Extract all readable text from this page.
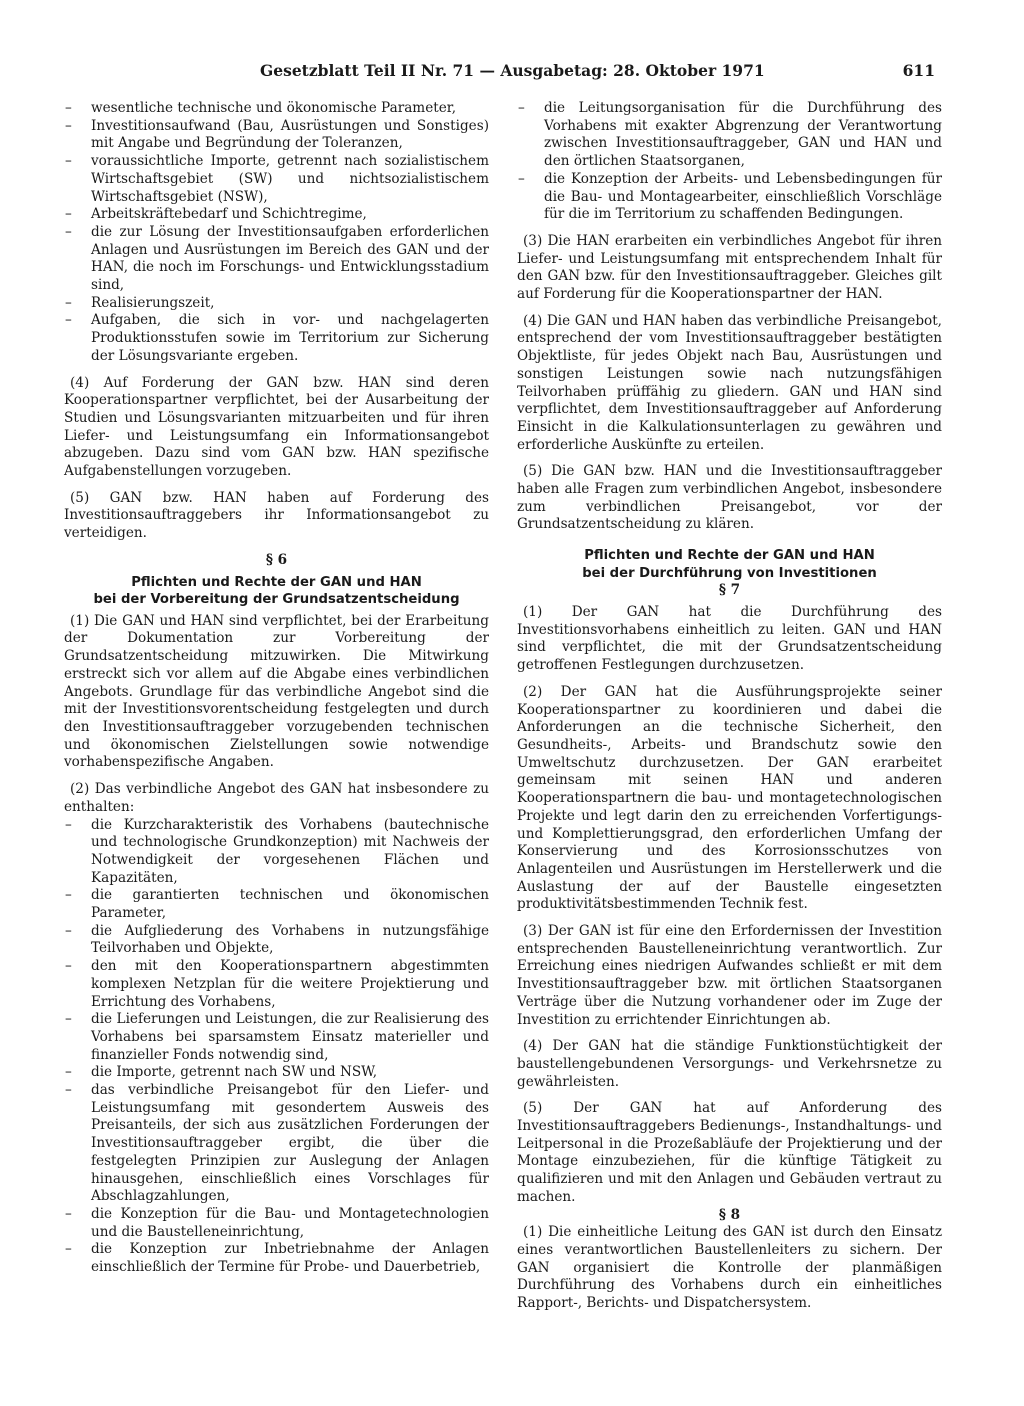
Gesetzblatt Teil II Nr. 71 — Ausgabetag: 28. Oktober 1971	611
– wesentliche technische und ökonomische Parameter,
– Investitionsaufwand (Bau, Ausrüstungen und Sonstiges) mit Angabe und Begründung der Toleranzen,
– voraussichtliche Importe, getrennt nach sozialistischem Wirtschaftsgebiet (SW) und nichtsozialistischem Wirtschaftsgebiet (NSW),
– Arbeitskräftebedarf und Schichtregime,
– die zur Lösung der Investitionsaufgaben erforderlichen Anlagen und Ausrüstungen im Bereich des GAN und der HAN, die noch im Forschungs- und Entwicklungsstadium sind,
– Realisierungszeit,
– Aufgaben, die sich in vor- und nachgelagerten Produktionsstufen sowie im Territorium zur Sicherung der Lösungsvariante ergeben.

(4) Auf Forderung der GAN bzw. HAN sind deren Kooperationspartner verpflichtet, bei der Ausarbeitung der Studien und Lösungsvarianten mitzuarbeiten und für ihren Liefer- und Leistungsumfang ein Informationsangebot abzugeben. Dazu sind vom GAN bzw. HAN spezifische Aufgabenstellungen vorzugeben.

(5) GAN bzw. HAN haben auf Forderung des Investitionsauftraggebers ihr Informationsangebot zu verteidigen.

§ 6

Pflichten und Rechte der GAN und HAN

bei der Vorbereitung der Grundsatzentscheidung

(1) Die GAN und HAN sind verpflichtet, bei der Erarbeitung der Dokumentation zur Vorbereitung der Grundsatzentscheidung mitzuwirken. Die Mitwirkung erstreckt sich vor allem auf die Abgabe eines verbindlichen Angebots. Grundlage für das verbindliche Angebot sind die mit der Investitionsvorentscheidung festgelegten und durch den Investitionsauftraggeber vorzugebenden technischen und ökonomischen Zielstellungen sowie notwendige vorhabenspezifische Angaben.

(2) Das verbindliche Angebot des GAN hat insbesondere zu enthalten:

– die Kurzcharakteristik des Vorhabens (bautechnische und technologische Grundkonzeption) mit Nachweis der Notwendigkeit der vorgesehenen Flächen und Kapazitäten,
– die garantierten technischen und ökonomischen Parameter,
– die Aufgliederung des Vorhabens in nutzungsfähige Teilvorhaben und Objekte,
– den mit den Kooperationspartnern abgestimmten komplexen Netzplan für die weitere Projektierung und Errichtung des Vorhabens,
– die Lieferungen und Leistungen, die zur Realisierung des Vorhabens bei sparsamstem Einsatz materieller und finanzieller Fonds notwendig sind,
– die Importe, getrennt nach SW und NSW,
– das verbindliche Preisangebot für den Liefer- und Leistungsumfang mit gesondertem Ausweis des Preisanteils, der sich aus zusätzlichen Forderungen der Investitionsauftraggeber ergibt, die über die festgelegten Prinzipien zur Auslegung der Anlagen hinausgehen, einschließlich eines Vorschlages für Abschlagzahlungen,
– die Konzeption für die Bau- und Montagetechnologien und die Baustelleneinrichtung,
– die Konzeption zur Inbetriebnahme der Anlagen einschließlich der Termine für Probe- und Dauerbetrieb,
– die Leitungsorganisation für die Durchführung des Vorhabens mit exakter Abgrenzung der Verantwortung zwischen Investitionsauftraggeber, GAN und HAN und den örtlichen Staatsorganen,
– die Konzeption der Arbeits- und Lebensbedingungen für die Bau- und Montagearbeiter, einschließlich Vorschläge für die im Territorium zu schaffenden Bedingungen.

(3) Die HAN erarbeiten ein verbindliches Angebot für ihren Liefer- und Leistungsumfang mit entsprechendem Inhalt für den GAN bzw. für den Investitionsauftraggeber. Gleiches gilt auf Forderung für die Kooperationspartner der HAN.

(4) Die GAN und HAN haben das verbindliche Preisangebot, entsprechend der vom Investitionsauftraggeber bestätigten Objektliste, für jedes Objekt nach Bau, Ausrüstungen und sonstigen Leistungen sowie nach nutzungsfähigen Teilvorhaben prüffähig zu gliedern. GAN und HAN sind verpflichtet, dem Investitionsauftraggeber auf Anforderung Einsicht in die Kalkulationsunterlagen zu gewähren und erforderliche Auskünfte zu erteilen.

(5) Die GAN bzw. HAN und die Investitionsauftraggeber haben alle Fragen zum verbindlichen Angebot, insbesondere zum verbindlichen Preisangebot, vor der Grundsatzentscheidung zu klären.

Pflichten und Rechte der GAN und HAN

bei der Durchführung von Investitionen

§ 7

(1) Der GAN hat die Durchführung des Investitionsvorhabens einheitlich zu leiten. GAN und HAN sind verpflichtet, die mit der Grundsatzentscheidung getroffenen Festlegungen durchzusetzen.

(2) Der GAN hat die Ausführungsprojekte seiner Kooperationspartner zu koordinieren und dabei die Anforderungen an die technische Sicherheit, den Gesundheits-, Arbeits- und Brandschutz sowie den Umweltschutz durchzusetzen. Der GAN erarbeitet gemeinsam mit seinen HAN und anderen Kooperationspartnern die bau- und montagetechnologischen Projekte und legt darin den zu erreichenden Vorfertigungs- und Komplettierungsgrad, den erforderlichen Umfang der Konservierung und des Korrosionsschutzes von Anlagenteilen und Ausrüstungen im Herstellerwerk und die Auslastung der auf der Baustelle eingesetzten produktivitätsbestimmenden Technik fest.

(3) Der GAN ist für eine den Erfordernissen der Investition entsprechenden Baustelleneinrichtung verantwortlich. Zur Erreichung eines niedrigen Aufwandes schließt er mit dem Investitionsauftraggeber bzw. mit örtlichen Staatsorganen Verträge über die Nutzung vorhandener oder im Zuge der Investition zu errichtender Einrichtungen ab.

(4) Der GAN hat die ständige Funktionstüchtigkeit der baustellengebundenen Versorgungs- und Verkehrsnetze zu gewährleisten.

(5) Der GAN hat auf Anforderung des Investitionsauftraggebers Bedienungs-, Instandhaltungs- und Leitpersonal in die Prozeßabläufe der Projektierung und der Montage einzubeziehen, für die künftige Tätigkeit zu qualifizieren und mit den Anlagen und Gebäuden vertraut zu machen.

§ 8

(1) Die einheitliche Leitung des GAN ist durch den Einsatz eines verantwortlichen Baustellenleiters zu sichern. Der GAN organisiert die Kontrolle der planmäßigen Durchführung des Vorhabens durch ein einheitliches Rapport-, Berichts- und Dispatchersystem.
